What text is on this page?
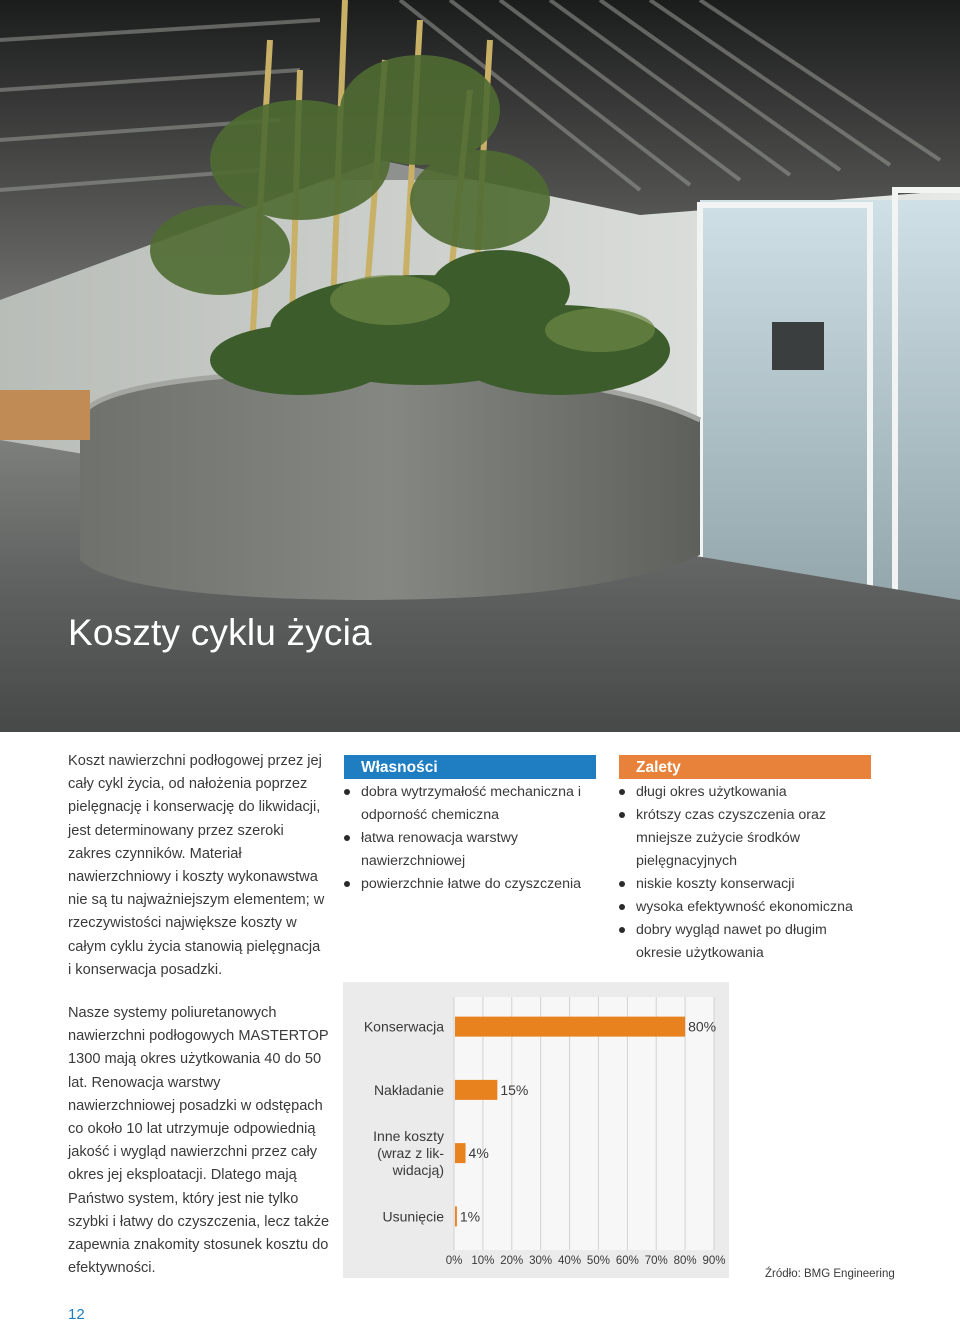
Koszty cyklu życia
Koszt nawierzchni podłogowej przez jej cały cykl życia, od nałożenia poprzez pielęgnację i konserwację do likwidacji, jest determinowany przez szeroki zakres czynników. Materiał nawierzchniowy i koszty wykonawstwa nie są tu najważniejszym elementem; w rzeczywistości największe koszty w całym cyklu życia stanowią pielęgnacja i konserwacja posadzki.
Nasze systemy poliuretanowych nawierzchni podłogowych MASTERTOP 1300 mają okres użytkowania 40 do 50 lat. Renowacja warstwy nawierzchniowej posadzki w odstępach co około 10 lat utrzymuje odpowiednią jakość i wygląd nawierzchni przez cały okres jej eksploatacji. Dlatego mają Państwo system, który jest nie tylko szybki i łatwy do czyszczenia, lecz także zapewnia znakomity stosunek kosztu do efektywności.
Własności
dobra wytrzymałość mechaniczna i odporność chemiczna
łatwa renowacja warstwy nawierzchniowej
powierzchnie łatwe do czyszczenia
Zalety
długi okres użytkowania
krótszy czas czyszczenia oraz mniejsze zużycie środków pielęgnacyjnych
niskie koszty konserwacji
wysoka efektywność ekonomiczna
dobry wygląd nawet po długim okresie użytkowania
0% 10% 20% 30% 40% 50% 60% 70% 80% 90%
80%
Konserwacja
15%
Nakładanie
4%
Inne koszty
(wraz z lik-
widacją)
1%
Usunięcie
Źródło: BMG Engineering
12
